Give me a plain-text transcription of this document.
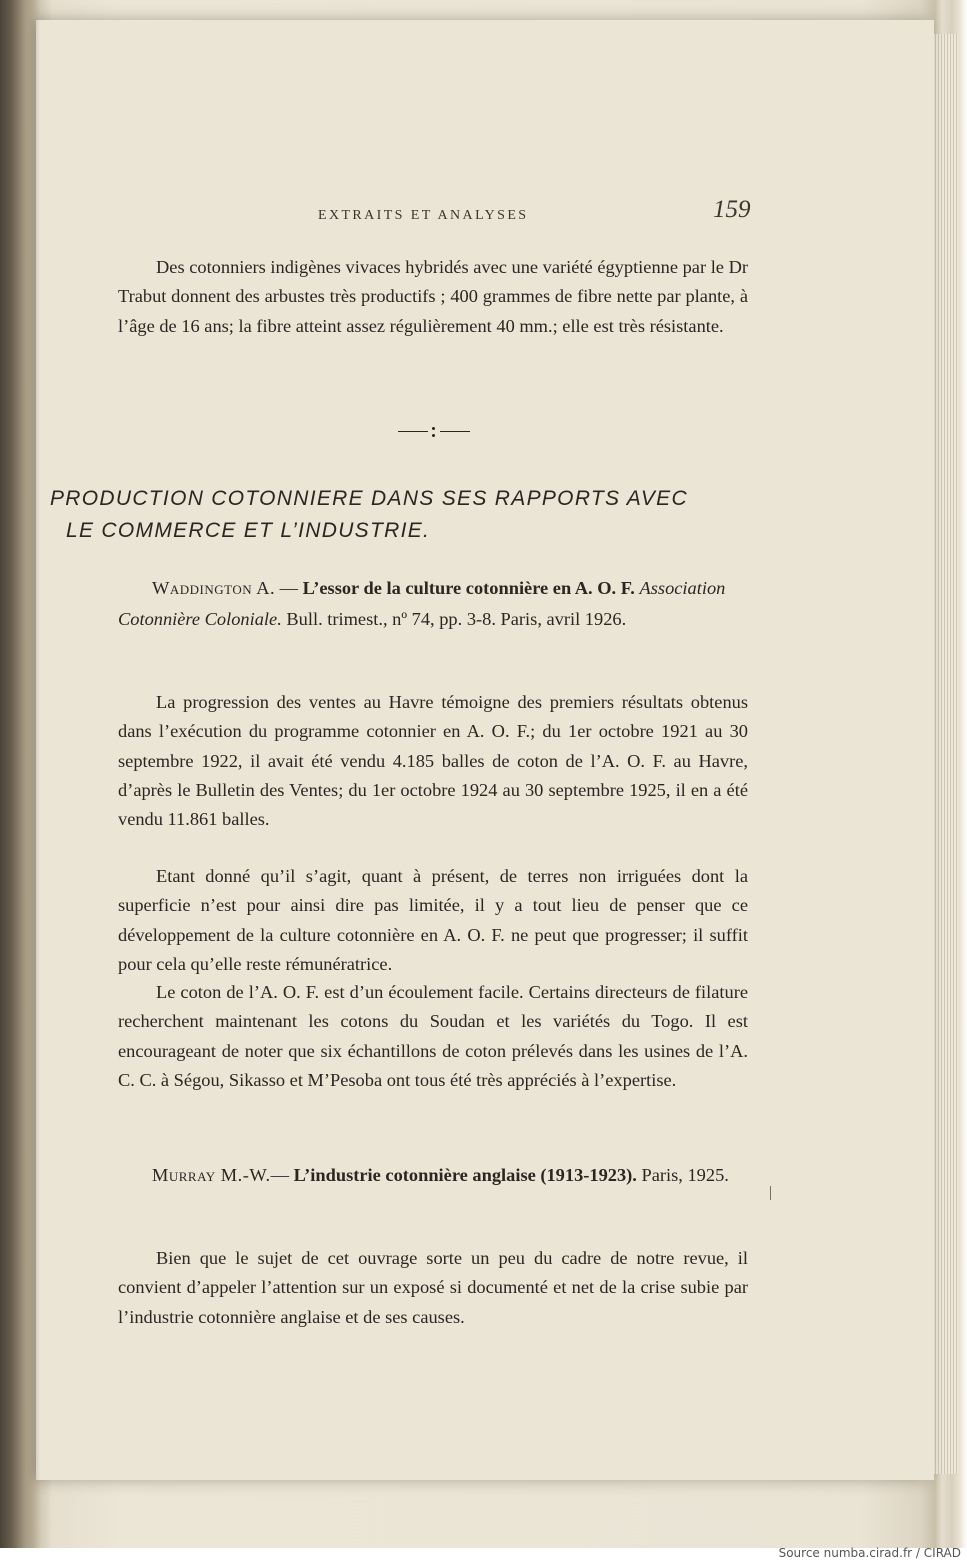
EXTRAITS ET ANALYSES	159

Des cotonniers indigènes vivaces hybridés avec une variété égyptienne par le Dr Trabut donnent des arbustes très productifs ; 400 grammes de fibre nette par plante, à l’âge de 16 ans; la fibre atteint assez régulièrement 40 mm.; elle est très résistante.

PRODUCTION COTONNIERE DANS SES RAPPORTS AVEC
LE COMMERCE ET L’INDUSTRIE.

Waddington A. — L’essor de la culture cotonnière en A. O. F. Association Cotonnière Coloniale. Bull. trimest., nº 74, pp. 3-8. Paris, avril 1926.

La progression des ventes au Havre témoigne des premiers résultats obtenus dans l’exécution du programme cotonnier en A. O. F.; du 1er octobre 1921 au 30 septembre 1922, il avait été vendu 4.185 balles de coton de l’A. O. F. au Havre, d’après le Bulletin des Ventes; du 1er octobre 1924 au 30 septembre 1925, il en a été vendu 11.861 balles.

Etant donné qu’il s’agit, quant à présent, de terres non irriguées dont la superficie n’est pour ainsi dire pas limitée, il y a tout lieu de penser que ce développement de la culture cotonnière en A. O. F. ne peut que progresser; il suffit pour cela qu’elle reste rémunératrice.

Le coton de l’A. O. F. est d’un écoulement facile. Certains directeurs de filature recherchent maintenant les cotons du Soudan et les variétés du Togo. Il est encourageant de noter que six échantillons de coton prélevés dans les usines de l’A. C. C. à Ségou, Sikasso et M’Pesoba ont tous été très appréciés à l’expertise.

Murray M.-W.— L’industrie cotonnière anglaise (1913-1923). Paris, 1925.

Bien que le sujet de cet ouvrage sorte un peu du cadre de notre revue, il convient d’appeler l’attention sur un exposé si documenté et net de la crise subie par l’industrie cotonnière anglaise et de ses causes.

Source numba.cirad.fr / CIRAD
